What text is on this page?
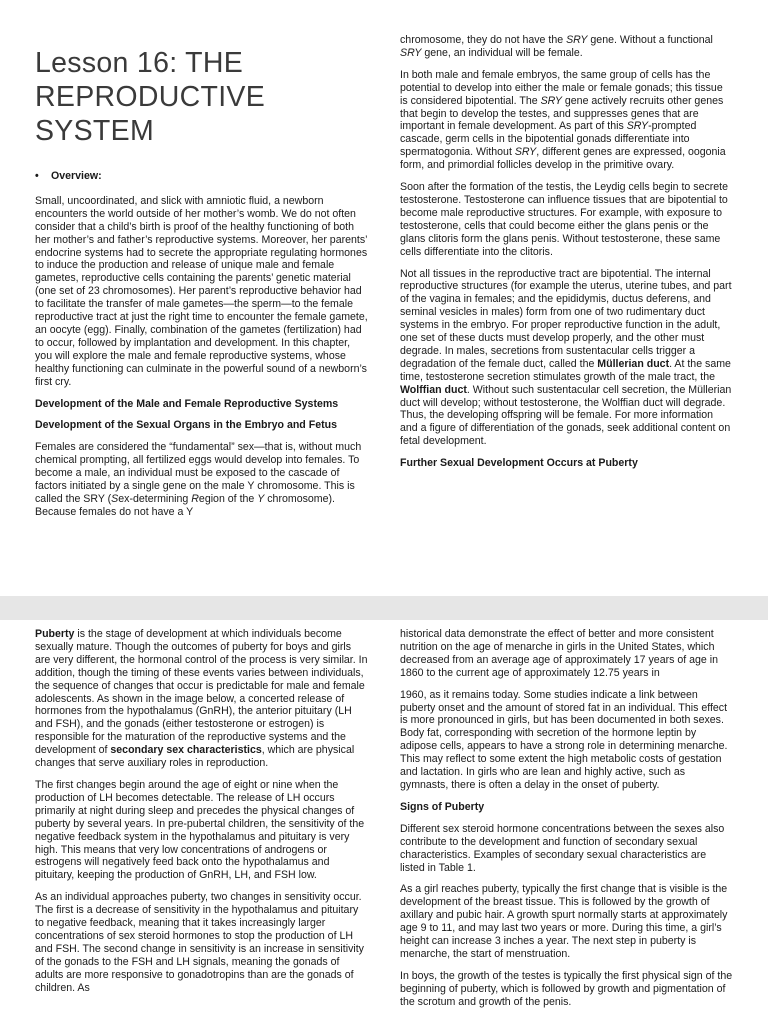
Lesson 16: THE REPRODUCTIVE SYSTEM
•	Overview:

Small, uncoordinated, and slick with amniotic fluid, a newborn encounters the world outside of her mother’s womb. We do not often consider that a child’s birth is proof of the healthy functioning of both her mother’s and father’s reproductive systems. Moreover, her parents’ endocrine systems had to secrete the appropriate regulating hormones to induce the production and release of unique male and female gametes, reproductive cells containing the parents’ genetic material (one set of 23 chromosomes). Her parent’s reproductive behavior had to facilitate the transfer of male gametes—the sperm—to the female reproductive tract at just the right time to encounter the female gamete, an oocyte (egg). Finally, combination of the gametes (fertilization) had to occur, followed by implantation and development. In this chapter, you will explore the male and female reproductive systems, whose healthy functioning can culminate in the powerful sound of a newborn’s first cry.

Development of the Male and Female Reproductive Systems

Development of the Sexual Organs in the Embryo and Fetus

Females are considered the “fundamental” sex—that is, without much chemical prompting, all fertilized eggs would develop into females. To become a male, an individual must be exposed to the cascade of factors initiated by a single gene on the male Y chromosome. This is called the SRY (Sex-determining Region of the Y chromosome). Because females do not have a Y

chromosome, they do not have the SRY gene. Without a functional SRY gene, an individual will be female.

In both male and female embryos, the same group of cells has the potential to develop into either the male or female gonads; this tissue is considered bipotential. The SRY gene actively recruits other genes that begin to develop the testes, and suppresses genes that are important in female development. As part of this SRY-prompted cascade, germ cells in the bipotential gonads differentiate into spermatogonia. Without SRY, different genes are expressed, oogonia form, and primordial follicles develop in the primitive ovary.

Soon after the formation of the testis, the Leydig cells begin to secrete testosterone. Testosterone can influence tissues that are bipotential to become male reproductive structures. For example, with exposure to testosterone, cells that could become either the glans penis or the glans clitoris form the glans penis. Without testosterone, these same cells differentiate into the clitoris.

Not all tissues in the reproductive tract are bipotential. The internal reproductive structures (for example the uterus, uterine tubes, and part of the vagina in females; and the epididymis, ductus deferens, and seminal vesicles in males) form from one of two rudimentary duct systems in the embryo. For proper reproductive function in the adult, one set of these ducts must develop properly, and the other must degrade. In males, secretions from sustentacular cells trigger a degradation of the female duct, called the Müllerian duct. At the same time, testosterone secretion stimulates growth of the male tract, the Wolffian duct. Without such sustentacular cell secretion, the Müllerian duct will develop; without testosterone, the Wolffian duct will degrade. Thus, the developing offspring will be female. For more information and a figure of differentiation of the gonads, seek additional content on fetal development.

Further Sexual Development Occurs at Puberty

Puberty is the stage of development at which individuals become sexually mature. Though the outcomes of puberty for boys and girls are very different, the hormonal control of the process is very similar. In addition, though the timing of these events varies between individuals, the sequence of changes that occur is predictable for male and female adolescents. As shown in the image below, a concerted release of hormones from the hypothalamus (GnRH), the anterior pituitary (LH and FSH), and the gonads (either testosterone or estrogen) is responsible for the maturation of the reproductive systems and the development of secondary sex characteristics, which are physical changes that serve auxiliary roles in reproduction.

The first changes begin around the age of eight or nine when the production of LH becomes detectable. The release of LH occurs primarily at night during sleep and precedes the physical changes of puberty by several years. In pre-pubertal children, the sensitivity of the negative feedback system in the hypothalamus and pituitary is very high. This means that very low concentrations of androgens or estrogens will negatively feed back onto the hypothalamus and pituitary, keeping the production of GnRH, LH, and FSH low.

As an individual approaches puberty, two changes in sensitivity occur. The first is a decrease of sensitivity in the hypothalamus and pituitary to negative feedback, meaning that it takes increasingly larger concentrations of sex steroid hormones to stop the production of LH and FSH. The second change in sensitivity is an increase in sensitivity of the gonads to the FSH and LH signals, meaning the gonads of adults are more responsive to gonadotropins than are the gonads of children. As

historical data demonstrate the effect of better and more consistent nutrition on the age of menarche in girls in the United States, which decreased from an average age of approximately 17 years of age in 1860 to the current age of approximately 12.75 years in

1960, as it remains today. Some studies indicate a link between puberty onset and the amount of stored fat in an individual. This effect is more pronounced in girls, but has been documented in both sexes. Body fat, corresponding with secretion of the hormone leptin by adipose cells, appears to have a strong role in determining menarche. This may reflect to some extent the high metabolic costs of gestation and lactation. In girls who are lean and highly active, such as gymnasts, there is often a delay in the onset of puberty.

Signs of Puberty

Different sex steroid hormone concentrations between the sexes also contribute to the development and function of secondary sexual characteristics. Examples of secondary sexual characteristics are listed in Table 1.

As a girl reaches puberty, typically the first change that is visible is the development of the breast tissue. This is followed by the growth of axillary and pubic hair. A growth spurt normally starts at approximately age 9 to 11, and may last two years or more. During this time, a girl’s height can increase 3 inches a year. The next step in puberty is menarche, the start of menstruation.

In boys, the growth of the testes is typically the first physical sign of the beginning of puberty, which is followed by growth and pigmentation of the scrotum and growth of the penis.
